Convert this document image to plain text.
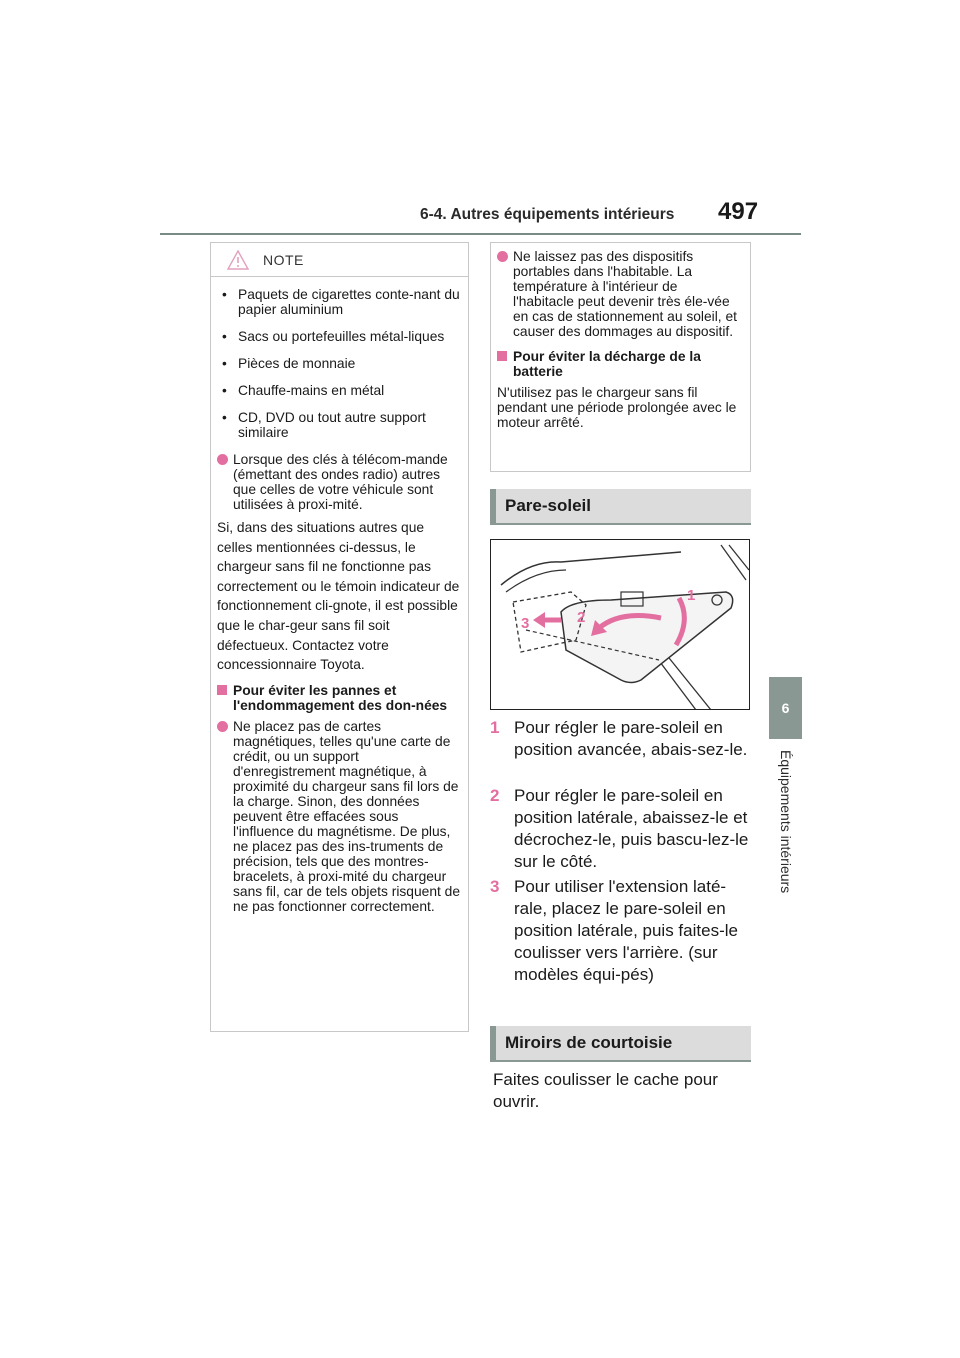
6-4. Autres équipements intérieurs 497
6
Équipements intérieurs
NOTE
• Paquets de cigarettes conte-nant du papier aluminium
• Sacs ou portefeuilles métal-liques
• Pièces de monnaie
• Chauffe-mains en métal
• CD, DVD ou tout autre support similaire
Lorsque des clés à télécom-mande (émettant des ondes radio) autres que celles de votre véhicule sont utilisées à proxi-mité.
Si, dans des situations autres que celles mentionnées ci-dessus, le chargeur sans fil ne fonctionne pas correctement ou le témoin indicateur de fonctionnement cli-gnote, il est possible que le char-geur sans fil soit défectueux. Contactez votre concessionnaire Toyota.
Pour éviter les pannes et l'endommagement des don-nées
Ne placez pas de cartes magnétiques, telles qu'une carte de crédit, ou un support d'enregistrement magnétique, à proximité du chargeur sans fil lors de la charge. Sinon, des données peuvent être effacées sous l'influence du magnétisme. De plus, ne placez pas des ins-truments de précision, tels que des montres-bracelets, à proxi-mité du chargeur sans fil, car de tels objets risquent de ne pas fonctionner correctement.
Ne laissez pas des dispositifs portables dans l'habitable. La température à l'intérieur de l'habitacle peut devenir très éle-vée en cas de stationnement au soleil, et causer des dommages au dispositif.
Pour éviter la décharge de la batterie
N'utilisez pas le chargeur sans fil pendant une période prolongée avec le moteur arrêté.
Pare-soleil
1
2
3
1 Pour régler le pare-soleil en position avancée, abais-sez-le.
2 Pour régler le pare-soleil en position latérale, abaissez-le et décrochez-le, puis bascu-lez-le sur le côté.
3 Pour utiliser l'extension laté-rale, placez le pare-soleil en position latérale, puis faites-le coulisser vers l'arrière. (sur modèles équi-pés)
Miroirs de courtoisie
Faites coulisser le cache pour ouvrir.
